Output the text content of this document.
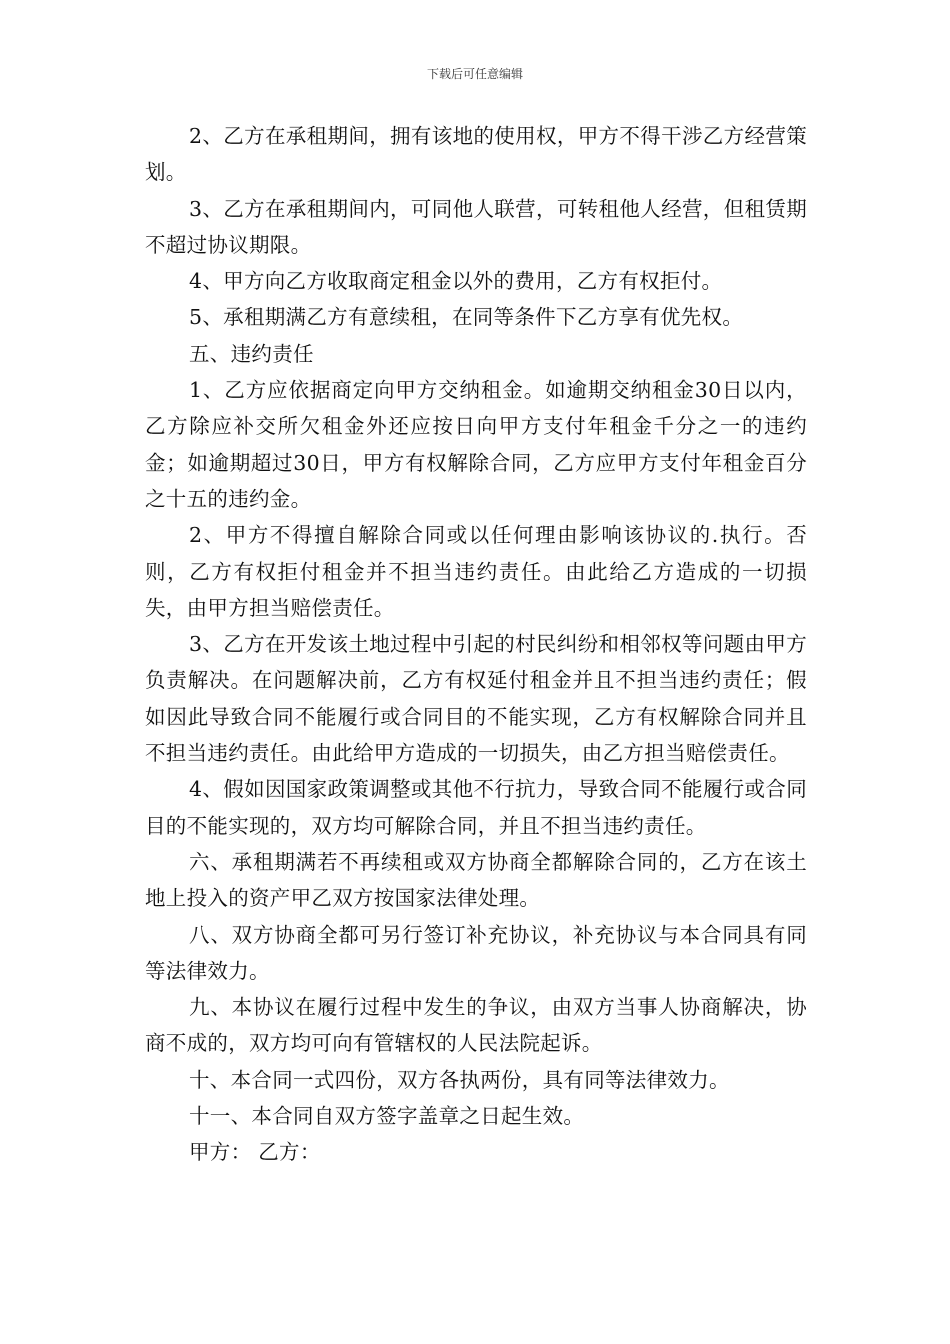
下载后可任意编辑

2、乙方在承租期间，拥有该地的使用权，甲方不得干涉乙方经营策划。

3、乙方在承租期间内，可同他人联营，可转租他人经营，但租赁期不超过协议期限。

4、甲方向乙方收取商定租金以外的费用，乙方有权拒付。

5、承租期满乙方有意续租，在同等条件下乙方享有优先权。

五、违约责任

1、乙方应依据商定向甲方交纳租金。如逾期交纳租金30日以内，乙方除应补交所欠租金外还应按日向甲方支付年租金千分之一的违约金；如逾期超过30日，甲方有权解除合同，乙方应甲方支付年租金百分之十五的违约金。

2、甲方不得擅自解除合同或以任何理由影响该协议的.执行。否则，乙方有权拒付租金并不担当违约责任。由此给乙方造成的一切损失，由甲方担当赔偿责任。

3、乙方在开发该土地过程中引起的村民纠纷和相邻权等问题由甲方负责解决。在问题解决前，乙方有权延付租金并且不担当违约责任；假如因此导致合同不能履行或合同目的不能实现，乙方有权解除合同并且不担当违约责任。由此给甲方造成的一切损失，由乙方担当赔偿责任。

4、假如因国家政策调整或其他不行抗力，导致合同不能履行或合同目的不能实现的，双方均可解除合同，并且不担当违约责任。

六、承租期满若不再续租或双方协商全都解除合同的，乙方在该土地上投入的资产甲乙双方按国家法律处理。

八、双方协商全都可另行签订补充协议，补充协议与本合同具有同等法律效力。

九、本协议在履行过程中发生的争议，由双方当事人协商解决，协商不成的，双方均可向有管辖权的人民法院起诉。

十、本合同一式四份，双方各执两份，具有同等法律效力。

十一、本合同自双方签字盖章之日起生效。

甲方： 乙方：
